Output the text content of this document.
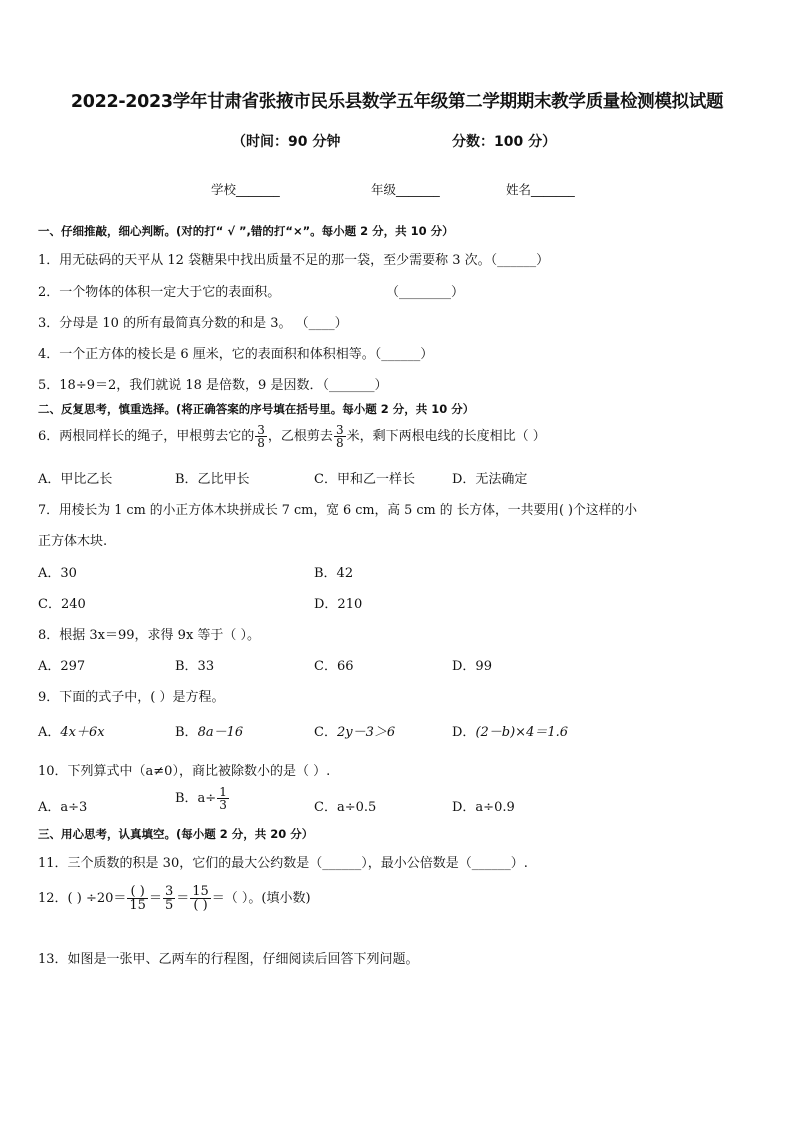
2022-2023学年甘肃省张掖市民乐县数学五年级第二学期期末教学质量检测模拟试题
（时间：90 分钟	分数：100 分）
学校_______	年级_______	姓名_______
一、仔细推敲，细心判断。(对的打“ √ ”,错的打“×”。每小题 2 分，共 10 分）
1．用无砝码的天平从 12 袋糖果中找出质量不足的那一袋，至少需要称 3 次。（______）
2．一个物体的体积一定大于它的表面积。	（________）
3．分母是 10 的所有最简真分数的和是 3。 （____）
4．一个正方体的棱长是 6 厘米，它的表面积和体积相等。（______）
5．18÷9＝2，我们就说 18 是倍数，9 是因数．（_______）
二、反复思考，慎重选择。(将正确答案的序号填在括号里。每小题 2 分，共 10 分）
6．两根同样长的绳子，甲根剪去它的 $\frac{3}{8}$ ，乙根剪去 $\frac{3}{8}$ 米，剩下两根电线的长度相比（ ）
A．甲比乙长	B．乙比甲长	C．甲和乙一样长	D．无法确定
7．用棱长为 1 cm 的小正方体木块拼成长 7 cm，宽 6 cm，高 5 cm 的 长方体，一共要用( )个这样的小
正方体木块.
A．30	B．42
C．240	D．210
8．根据 3x＝99，求得 9x 等于（ ）。
A．297	B．33	C．66	D．99
9．下面的式子中，( ）是方程。
A．4x＋6x	B．8a－16	C．2y－3＞6	D．(2－b)×4＝1.6
10．下列算式中（a≠0），商比被除数小的是（ ）.
A．a÷3
B．$a\div \frac{1}{3}$	C．a÷0.5	D．a÷0.9
三、用心思考，认真填空。(每小题 2 分，共 20 分）
11．三个质数的积是 30，它们的最大公约数是（______），最小公倍数是（______）.
12．( ) $\div 20= \frac{( )}{15} = \frac{3}{5} = \frac{15}{( )}$ ＝（ ）。(填小数)
13．如图是一张甲、乙两车的行程图，仔细阅读后回答下列问题。
